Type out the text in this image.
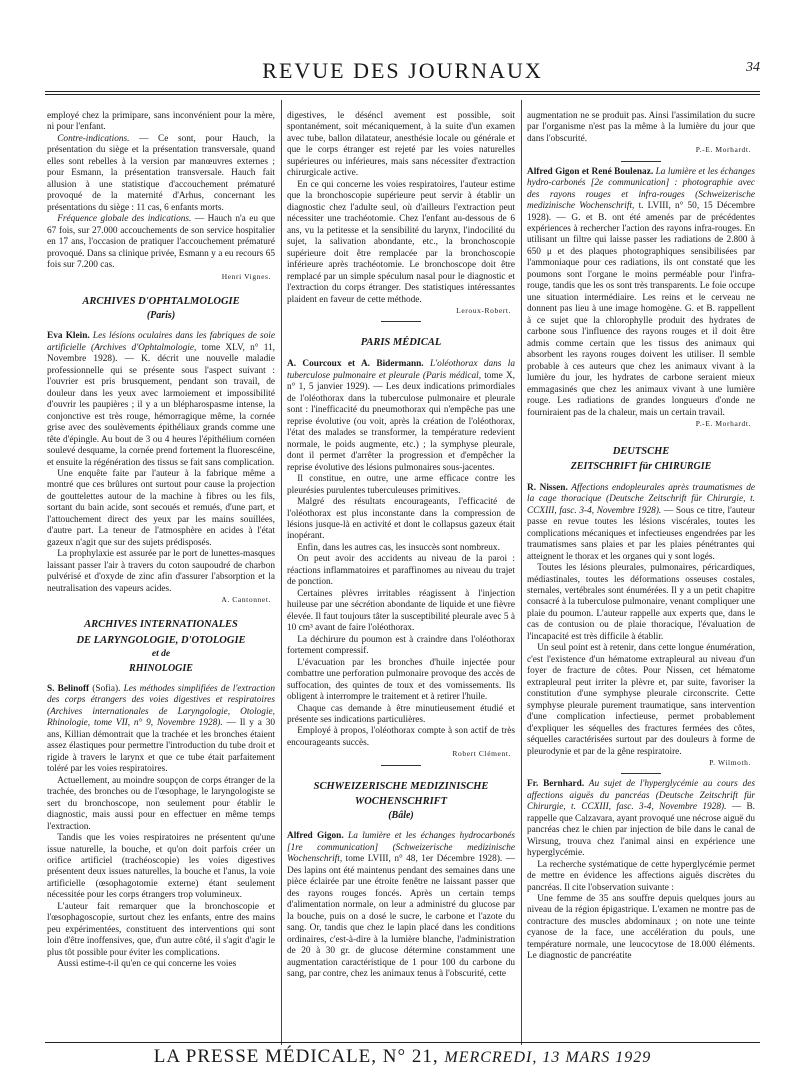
REVUE DES JOURNAUX	34

employé chez la primipare, sans inconvénient pour la mère, ni pour l'enfant.

Contre-indications. — Ce sont, pour Hauch, la présentation du siège et la présentation transversale, quand elles sont rebelles à la version par manœuvres externes ; pour Esmann, la présentation transversale. Hauch fait allusion à une statistique d'accouchement prématuré provoqué de la maternité d'Arhus, concernant les présentations du siège : 11 cas, 6 enfants morts.

Fréquence globale des indications. — Hauch n'a eu que 67 fois, sur 27.000 accouchements de son service hospitalier en 17 ans, l'occasion de pratiquer l'accouchement prématuré provoqué. Dans sa clinique privée, Esmann y a eu recours 65 fois sur 7.200 cas.

Henri Vignes.

ARCHIVES D'OPHTALMOLOGIE
(Paris)

Eva Klein. Les lésions oculaires dans les fabriques de soie artificielle (Archives d'Ophtalmologie, tome XLV, n° 11, Novembre 1928). — K. décrit une nouvelle maladie professionnelle qui se présente sous l'aspect suivant : l'ouvrier est pris brusquement, pendant son travail, de douleur dans les yeux avec larmoiement et impossibilité d'ouvrir les paupières ; il y a un blépharospasme intense, la conjonctive est très rouge, hémorragique même, la cornée grise avec des soulèvements épithéliaux grands comme une tête d'épingle. Au bout de 3 ou 4 heures l'épithélium cornéen soulevé desquame, la cornée prend fortement la fluorescéine, et ensuite la régénération des tissus se fait sans complication.

Une enquête faite par l'auteur à la fabrique même a montré que ces brûlures ont surtout pour cause la projection de gouttelettes autour de la machine à fibres ou les fils, sortant du bain acide, sont secoués et remués, d'une part, et l'attouchement direct des yeux par les mains souillées, d'autre part. La teneur de l'atmosphère en acides à l'état gazeux n'agit que sur des sujets prédisposés.

La prophylaxie est assurée par le port de lunettes-masques laissant passer l'air à travers du coton saupoudré de charbon pulvérisé et d'oxyde de zinc afin d'assurer l'absorption et la neutralisation des vapeurs acides.

A. Cantonnet.

ARCHIVES INTERNATIONALES
DE LARYNGOLOGIE, D'OTOLOGIE
et de
RHINOLOGIE

S. Belinoff (Sofia). Les méthodes simplifiées de l'extraction des corps étrangers des voies digestives et respiratoires (Archives internationales de Laryngologie, Otologie, Rhinologie, tome VII, n° 9, Novembre 1928). — Il y a 30 ans, Killian démontrait que la trachée et les bronches étaient assez élastiques pour permettre l'introduction du tube droit et rigide à travers le larynx et que ce tube était parfaitement toléré par les voies respiratoires.

Actuellement, au moindre soupçon de corps étranger de la trachée, des bronches ou de l'œsophage, le laryngologiste se sert du bronchoscope, non seulement pour établir le diagnostic, mais aussi pour en effectuer en même temps l'extraction.

Tandis que les voies respiratoires ne présentent qu'une issue naturelle, la bouche, et qu'on doit parfois créer un orifice artificiel (trachéoscopie) les voies digestives présentent deux issues naturelles, la bouche et l'anus, la voie artificielle (œsophagotomie externe) étant seulement nécessitée pour les corps étrangers trop volumineux.

L'auteur fait remarquer que la bronchoscopie et l'œsophagoscopie, surtout chez les enfants, entre des mains peu expérimentées, constituent des interventions qui sont loin d'être inoffensives, que, d'un autre côté, il s'agit d'agir le plus tôt possible pour éviter les complications.

Aussi estime-t-il qu'en ce qui concerne les voies

digestives, le déséncl avement est possible, soit spontanément, soit mécaniquement, à la suite d'un examen avec tube, ballon dilatateur, anesthésie locale ou générale et que le corps étranger est rejeté par les voies naturelles supérieures ou inférieures, mais sans nécessiter d'extraction chirurgicale active.

En ce qui concerne les voies respiratoires, l'auteur estime que la bronchoscopie supérieure peut servir à établir un diagnostic chez l'adulte seul, où d'ailleurs l'extraction peut nécessiter une trachéotomie. Chez l'enfant au-dessous de 6 ans, vu la petitesse et la sensibilité du larynx, l'indocilité du sujet, la salivation abondante, etc., la bronchoscopie supérieure doit être remplacée par la bronchoscopie inférieure après trachéotomie. Le bronchoscope doit être remplacé par un simple spéculum nasal pour le diagnostic et l'extraction du corps étranger. Des statistiques intéressantes plaident en faveur de cette méthode.

Leroux-Robert.

PARIS MÉDICAL

A. Courcoux et A. Bidermann. L'oléothorax dans la tuberculose pulmonaire et pleurale (Paris médical, tome X, n° 1, 5 janvier 1929). — Les deux indications primordiales de l'oléothorax dans la tuberculose pulmonaire et pleurale sont : l'inefficacité du pneumothorax qui n'empêche pas une reprise évolutive (ou voit, après la création de l'oléothorax, l'état des malades se transformer, la température redevient normale, le poids augmente, etc.) ; la symphyse pleurale, dont il permet d'arrêter la progression et d'empêcher la reprise évolutive des lésions pulmonaires sous-jacentes.

Il constitue, en outre, une arme efficace contre les pleurésies purulentes tuberculeuses primitives.

Malgré des résultats encourageants, l'efficacité de l'oléothorax est plus inconstante dans la compression de lésions jusque-là en activité et dont le collapsus gazeux était inopérant.

Enfin, dans les autres cas, les insuccès sont nombreux.

On peut avoir des accidents au niveau de la paroi : réactions inflammatoires et paraffinomes au niveau du trajet de ponction.

Certaines plèvres irritables réagissent à l'injection huileuse par une sécrétion abondante de liquide et une fièvre élevée. Il faut toujours tâter la susceptibilité pleurale avec 5 à 10 cm³ avant de faire l'oléothorax.

La déchirure du poumon est à craindre dans l'oléothorax fortement compressif.

L'évacuation par les bronches d'huile injectée pour combattre une perforation pulmonaire provoque des accès de suffocation, des quintes de toux et des vomissements. Ils obligent à interrompre le traitement et à retirer l'huile.

Chaque cas demande à être minutieusement étudié et présente ses indications particulières.

Employé à propos, l'oléothorax compte à son actif de très encourageants succès.

Robert Clément.

SCHWEIZERISCHE MEDIZINISCHE WOCHENSCHRIFT
(Bâle)

Alfred Gigon. La lumière et les échanges hydrocarbonés [1re communication] (Schweizerische medizinische Wochenschrift, tome LVIII, n° 48, 1er Décembre 1928). — Des lapins ont été maintenus pendant des semaines dans une pièce éclairée par une étroite fenêtre ne laissant passer que des rayons rouges foncés. Après un certain temps d'alimentation normale, on leur a administré du glucose par la bouche, puis on a dosé le sucre, le carbone et l'azote du sang. Or, tandis que chez le lapin placé dans les conditions ordinaires, c'est-à-dire à la lumière blanche, l'administration de 20 à 30 gr. de glucose détermine constamment une augmentation caractéristique de 1 pour 100 du carbone du sang, par contre, chez les animaux tenus à l'obscurité, cette

augmentation ne se produit pas. Ainsi l'assimilation du sucre par l'organisme n'est pas la même à la lumière du jour que dans l'obscurité.

P.-E. Morhardt.

Alfred Gigon et René Boulenaz. La lumière et les échanges hydro-carbonés [2e communication] : photographie avec des rayons rouges et infra-rouges (Schweizerische medizinische Wochenschrift, t. LVIII, n° 50, 15 Décembre 1928). — G. et B. ont été amenés par de précédentes expériences à rechercher l'action des rayons infra-rouges. En utilisant un filtre qui laisse passer les radiations de 2.800 à 650 μ et des plaques photographiques sensibilisées par l'ammoniaque pour ces radiations, ils ont constaté que les poumons sont l'organe le moins perméable pour l'infra-rouge, tandis que les os sont très transparents. Le foie occupe une situation intermédiaire. Les reins et le cerveau ne donnent pas lieu à une image homogène. G. et B. rappellent à ce sujet que la chlorophylle produit des hydrates de carbone sous l'influence des rayons rouges et il doit être admis comme certain que les tissus des animaux qui absorbent les rayons rouges doivent les utiliser. Il semble probable à ces auteurs que chez les animaux vivant à la lumière du jour, les hydrates de carbone seraient mieux emmagasinés que chez les animaux vivant à une lumière rouge. Les radiations de grandes longueurs d'onde ne fourniraient pas de la chaleur, mais un certain travail.

P.-E. Morhardt.

DEUTSCHE
ZEITSCHRIFT für CHIRURGIE

R. Nissen. Affections endopleurales après traumatismes de la cage thoracique (Deutsche Zeitschrift für Chirurgie, t. CCXIII, fasc. 3-4, Novembre 1928). — Sous ce titre, l'auteur passe en revue toutes les lésions viscérales, toutes les complications mécaniques et infectieuses engendrées par les traumatismes sans plaies et par les plaies pénétrantes qui atteignent le thorax et les organes qui y sont logés.

Toutes les lésions pleurales, pulmonaires, péricardiques, médiastinales, toutes les déformations osseuses costales, sternales, vertébrales sont énumérées. Il y a un petit chapitre consacré à la tuberculose pulmonaire, venant compliquer une plaie du poumon. L'auteur rappelle aux experts que, dans le cas de contusion ou de plaie thoracique, l'évaluation de l'incapacité est très difficile à établir.

Un seul point est à retenir, dans cette longue énumération, c'est l'existence d'un hématome extrapleural au niveau d'un foyer de fracture de côtes. Pour Nissen, cet hématome extrapleural peut irriter la plèvre et, par suite, favoriser la constitution d'une symphyse pleurale circonscrite. Cette symphyse pleurale purement traumatique, sans intervention d'une complication infectieuse, permet probablement d'expliquer les séquelles des fractures fermées des côtes, séquelles caractérisées surtout par des douleurs à forme de pleurodynie et par de la gêne respiratoire.

P. Wilmoth.

Fr. Bernhard. Au sujet de l'hyperglycémie au cours des affections aiguës du pancréas (Deutsche Zeitschrift für Chirurgie, t. CCXIII, fasc. 3-4, Novembre 1928). — B. rappelle que Calzavara, ayant provoqué une nécrose aiguë du pancréas chez le chien par injection de bile dans le canal de Wirsung, trouva chez l'animal ainsi en expérience une hyperglycémie.

La recherche systématique de cette hyperglycémie permet de mettre en évidence les affections aiguës discrètes du pancréas. Il cite l'observation suivante :

Une femme de 35 ans souffre depuis quelques jours au niveau de la région épigastrique. L'examen ne montre pas de contracture des muscles abdominaux ; on note une teinte cyanose de la face, une accélération du pouls, une température normale, une leucocytose de 18.000 éléments. Le diagnostic de pancréatite

LA PRESSE MÉDICALE, N° 21, MERCREDI, 13 MARS 1929
